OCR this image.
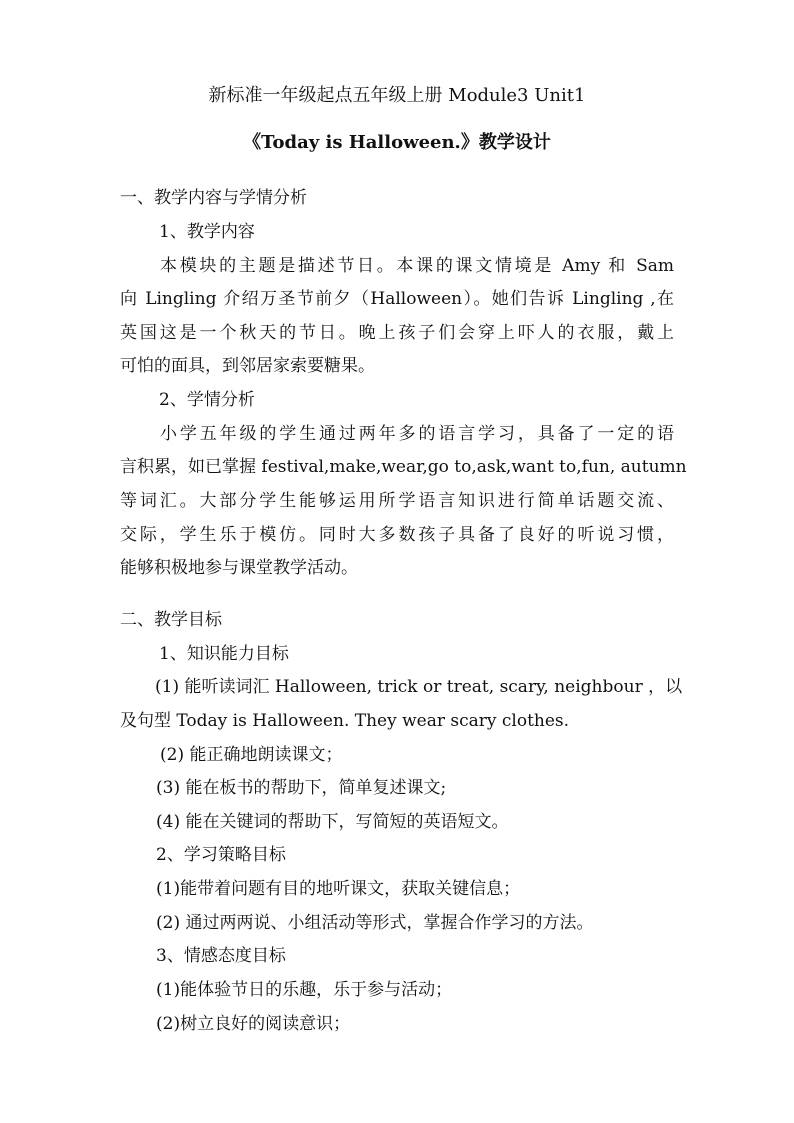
新标准一年级起点五年级上册 Module3 Unit1
《Today is Halloween.》教学设计
一、教学内容与学情分析
1、教学内容
本模块的主题是描述节日。本课的课文情境是 Amy 和 Sam
向 Lingling 介绍万圣节前夕（Halloween）。她们告诉 Lingling ,在
英国这是一个秋天的节日。晚上孩子们会穿上吓人的衣服，戴上
可怕的面具，到邻居家索要糖果。
2、学情分析
小学五年级的学生通过两年多的语言学习，具备了一定的语
言积累，如已掌握 festival,make,wear,go to,ask,want to,fun, autumn
等词汇。大部分学生能够运用所学语言知识进行简单话题交流、
交际，学生乐于模仿。同时大多数孩子具备了良好的听说习惯，
能够积极地参与课堂教学活动。
二、教学目标
1、知识能力目标
(1) 能听读词汇 Halloween, trick or treat, scary, neighbour ，以
及句型 Today is Halloween. They wear scary clothes.
(2) 能正确地朗读课文；
(3) 能在板书的帮助下，简单复述课文;
(4) 能在关键词的帮助下，写简短的英语短文。
2、学习策略目标
(1)能带着问题有目的地听课文，获取关键信息；
(2) 通过两两说、小组活动等形式，掌握合作学习的方法。
3、情感态度目标
(1)能体验节日的乐趣，乐于参与活动；
(2)树立良好的阅读意识；
